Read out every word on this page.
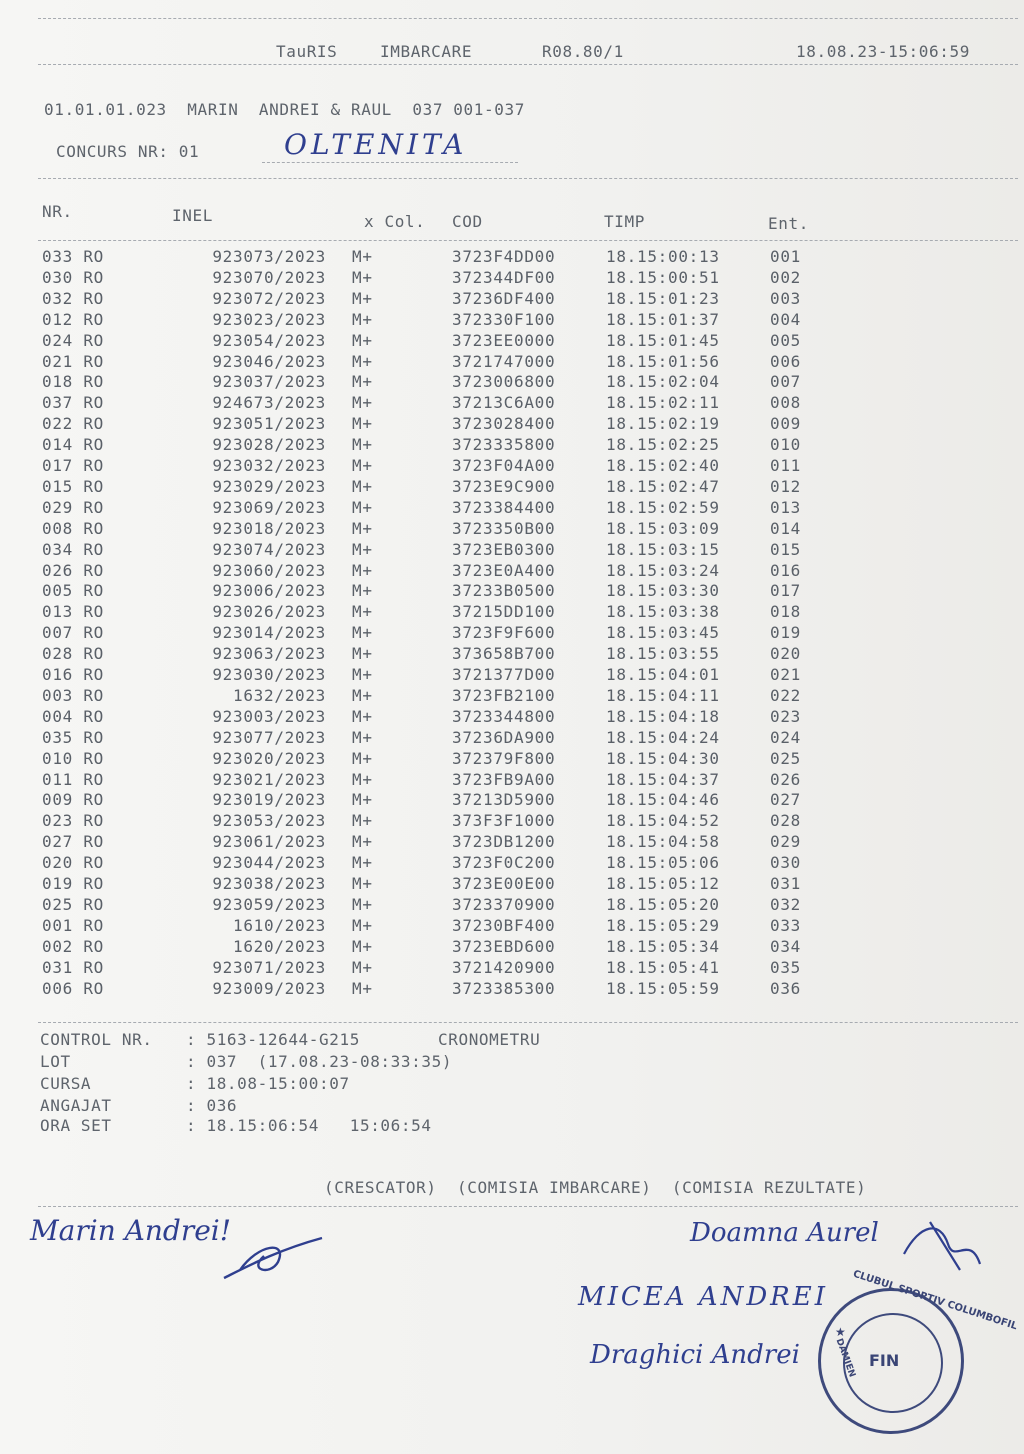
TauRIS	IMBARCARE	R08.80/1	18.08.23-15:06:59
01.01.01.023  MARIN  ANDREI & RAUL  037 001-037
CONCURS NR: 01	OLTENITA
NR.	INEL	x Col. COD	TIMP	Ent.
033 RO	923073/2023 M+	3723F4DD00	18.15:00:13	001
030 RO	923070/2023 M+	372344DF00	18.15:00:51	002
032 RO	923072/2023 M+	37236DF400	18.15:01:23	003
012 RO	923023/2023 M+	372330F100	18.15:01:37	004
024 RO	923054/2023 M+	3723EE0000	18.15:01:45	005
021 RO	923046/2023 M+	3721747000	18.15:01:56	006
018 RO	923037/2023 M+	3723006800	18.15:02:04	007
037 RO	924673/2023 M+	37213C6A00	18.15:02:11	008
022 RO	923051/2023 M+	3723028400	18.15:02:19	009
014 RO	923028/2023 M+	3723335800	18.15:02:25	010
017 RO	923032/2023 M+	3723F04A00	18.15:02:40	011
015 RO	923029/2023 M+	3723E9C900	18.15:02:47	012
029 RO	923069/2023 M+	3723384400	18.15:02:59	013
008 RO	923018/2023 M+	3723350B00	18.15:03:09	014
034 RO	923074/2023 M+	3723EB0300	18.15:03:15	015
026 RO	923060/2023 M+	3723E0A400	18.15:03:24	016
005 RO	923006/2023 M+	37233B0500	18.15:03:30	017
013 RO	923026/2023 M+	37215DD100	18.15:03:38	018
007 RO	923014/2023 M+	3723F9F600	18.15:03:45	019
028 RO	923063/2023 M+	373658B700	18.15:03:55	020
016 RO	923030/2023 M+	3721377D00	18.15:04:01	021
003 RO	1632/2023 M+	3723FB2100	18.15:04:11	022
004 RO	923003/2023 M+	3723344800	18.15:04:18	023
035 RO	923077/2023 M+	37236DA900	18.15:04:24	024
010 RO	923020/2023 M+	372379F800	18.15:04:30	025
011 RO	923021/2023 M+	3723FB9A00	18.15:04:37	026
009 RO	923019/2023 M+	37213D5900	18.15:04:46	027
023 RO	923053/2023 M+	373F3F1000	18.15:04:52	028
027 RO	923061/2023 M+	3723DB1200	18.15:04:58	029
020 RO	923044/2023 M+	3723F0C200	18.15:05:06	030
019 RO	923038/2023 M+	3723E00E00	18.15:05:12	031
025 RO	923059/2023 M+	3723370900	18.15:05:20	032
001 RO	1610/2023 M+	37230BF400	18.15:05:29	033
002 RO	1620/2023 M+	3723EBD600	18.15:05:34	034
031 RO	923071/2023 M+	3721420900	18.15:05:41	035
006 RO	923009/2023 M+	3723385300	18.15:05:59	036
CONTROL NR. : 5163-12644-G215	CRONOMETRU
LOT	: 037  (17.08.23-08:33:35)
CURSA	: 18.08-15:00:07
ANGAJAT	: 036
ORA SET	: 18.15:06:54   15:06:54
(CRESCATOR)  (COMISIA IMBARCARE)  (COMISIA REZULTATE)
Marin Andrei!	Doamna Aurel
MICEA ANDREI
Draghici Andrei
CLUBUL SPORTIV COLUMBOFIL
FIN
DAMIEN
★
